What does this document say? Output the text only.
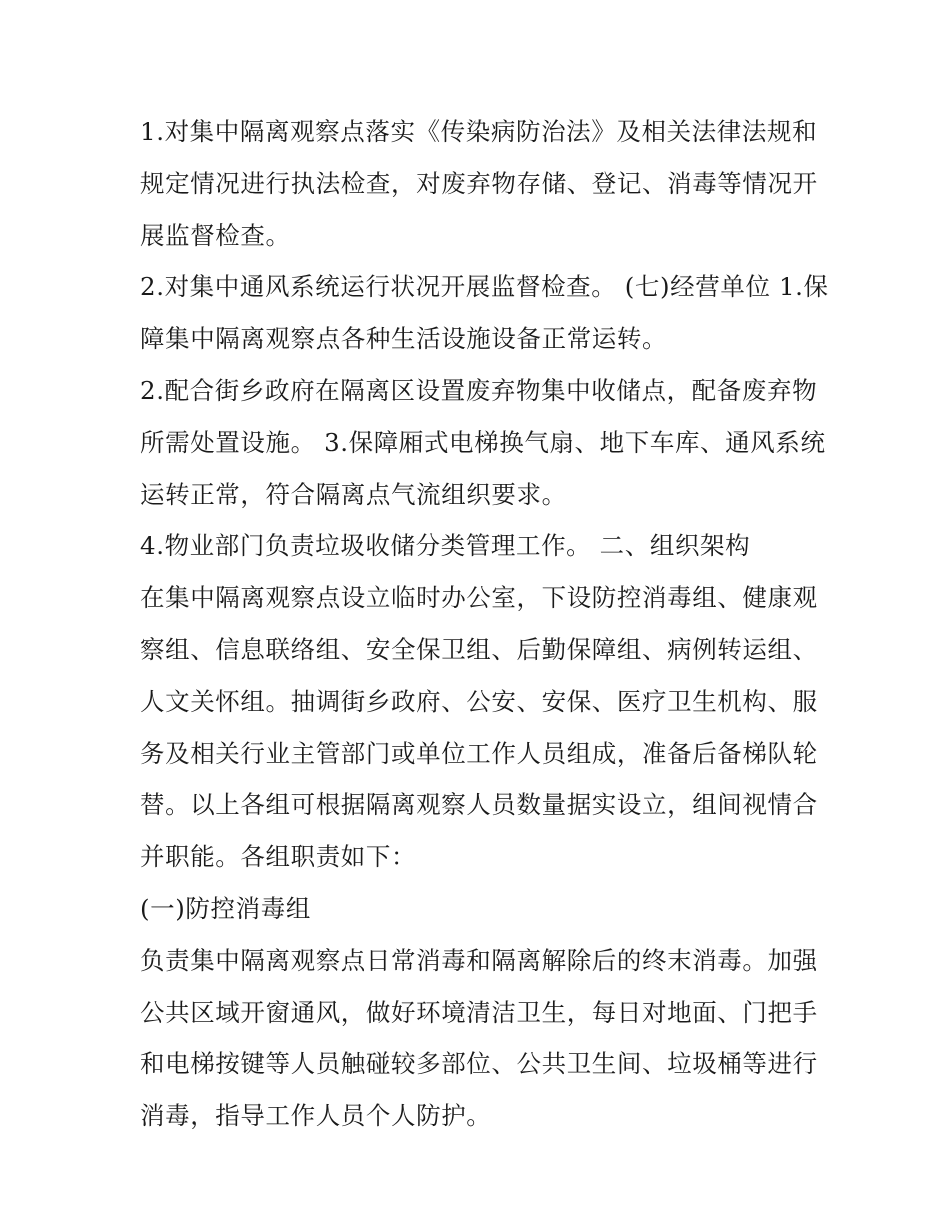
1.对集中隔离观察点落实《传染病防治法》及相关法律法规和
规定情况进行执法检查，对废弃物存储、登记、消毒等情况开
展监督检查。
2.对集中通风系统运行状况开展监督检查。 (七)经营单位 1.保
障集中隔离观察点各种生活设施设备正常运转。
2.配合街乡政府在隔离区设置废弃物集中收储点，配备废弃物
所需处置设施。 3.保障厢式电梯换气扇、地下车库、通风系统
运转正常，符合隔离点气流组织要求。
4.物业部门负责垃圾收储分类管理工作。 二、组织架构
在集中隔离观察点设立临时办公室，下设防控消毒组、健康观
察组、信息联络组、安全保卫组、后勤保障组、病例转运组、
人文关怀组。抽调街乡政府、公安、安保、医疗卫生机构、服
务及相关行业主管部门或单位工作人员组成，准备后备梯队轮
替。以上各组可根据隔离观察人员数量据实设立，组间视情合
并职能。各组职责如下：
(一)防控消毒组
负责集中隔离观察点日常消毒和隔离解除后的终末消毒。加强
公共区域开窗通风，做好环境清洁卫生，每日对地面、门把手
和电梯按键等人员触碰较多部位、公共卫生间、垃圾桶等进行
消毒，指导工作人员个人防护。
